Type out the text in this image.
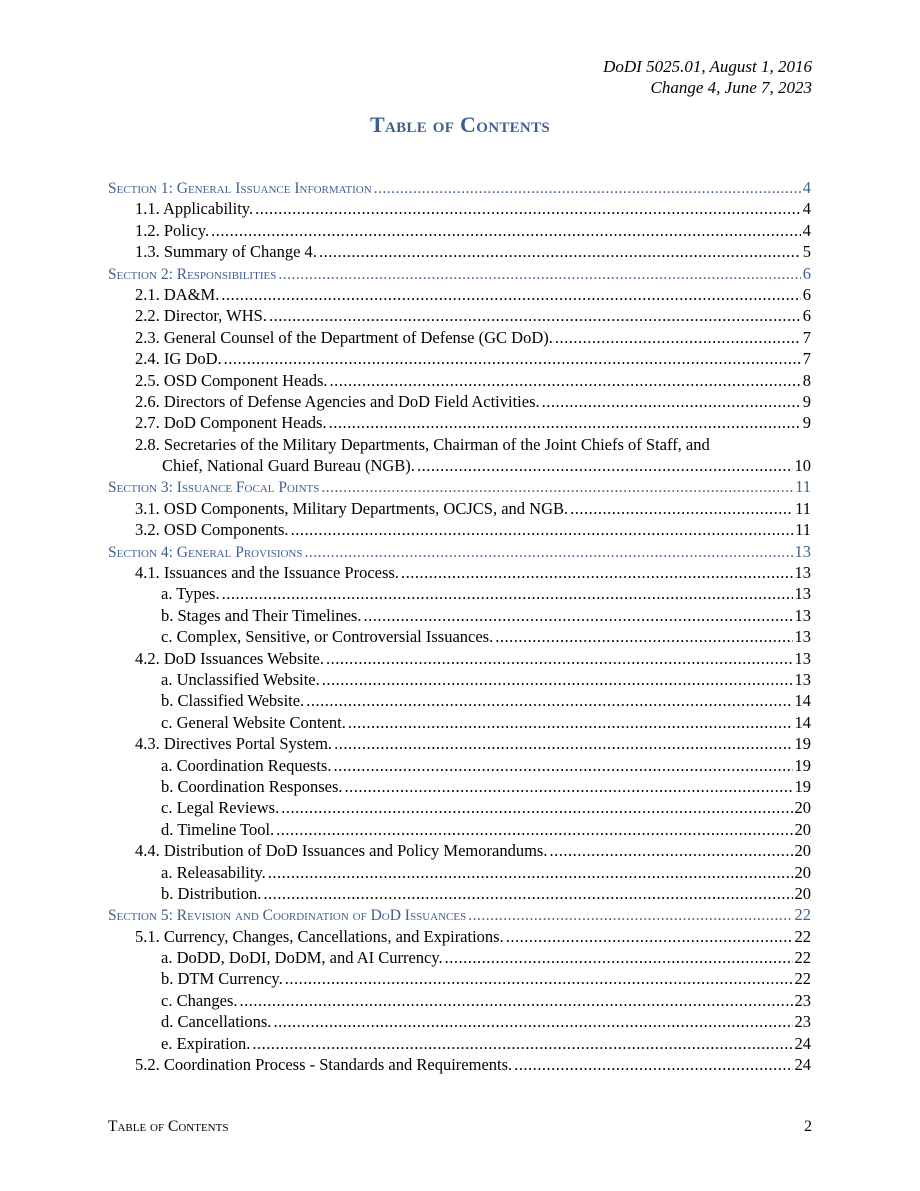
DoDI 5025.01, August 1, 2016
Change 4, June 7, 2023
Table of Contents
Section 1: General Issuance Information .....	4
1.1. Applicability. .....	4
1.2. Policy. .....	4
1.3. Summary of Change 4. .....	5
Section 2: Responsibilities .....	6
2.1. DA&M. .....	6
2.2. Director, WHS. .....	6
2.3. General Counsel of the Department of Defense (GC DoD). .....	7
2.4. IG DoD. .....	7
2.5. OSD Component Heads. .....	8
2.6. Directors of Defense Agencies and DoD Field Activities. .....	9
2.7. DoD Component Heads. .....	9
2.8. Secretaries of the Military Departments, Chairman of the Joint Chiefs of Staff, and
Chief, National Guard Bureau (NGB). .....	10
Section 3: Issuance Focal Points .....	11
3.1. OSD Components, Military Departments, OCJCS, and NGB. .....	11
3.2. OSD Components. .....	11
Section 4: General Provisions .....	13
4.1. Issuances and the Issuance Process. .....	13
a. Types. .....	13
b. Stages and Their Timelines. .....	13
c. Complex, Sensitive, or Controversial Issuances. .....	13
4.2. DoD Issuances Website. .....	13
a. Unclassified Website. .....	13
b. Classified Website. .....	14
c. General Website Content. .....	14
4.3. Directives Portal System. .....	19
a. Coordination Requests. .....	19
b. Coordination Responses. .....	19
c. Legal Reviews. .....	20
d. Timeline Tool. .....	20
4.4. Distribution of DoD Issuances and Policy Memorandums. .....	20
a. Releasability. .....	20
b. Distribution. .....	20
Section 5: Revision and Coordination of DoD Issuances .....	22
5.1. Currency, Changes, Cancellations, and Expirations. .....	22
a. DoDD, DoDI, DoDM, and AI Currency. .....	22
b. DTM Currency. .....	22
c. Changes. .....	23
d. Cancellations. .....	23
e. Expiration. .....	24
5.2. Coordination Process - Standards and Requirements. .....	24
Table of Contents	2
